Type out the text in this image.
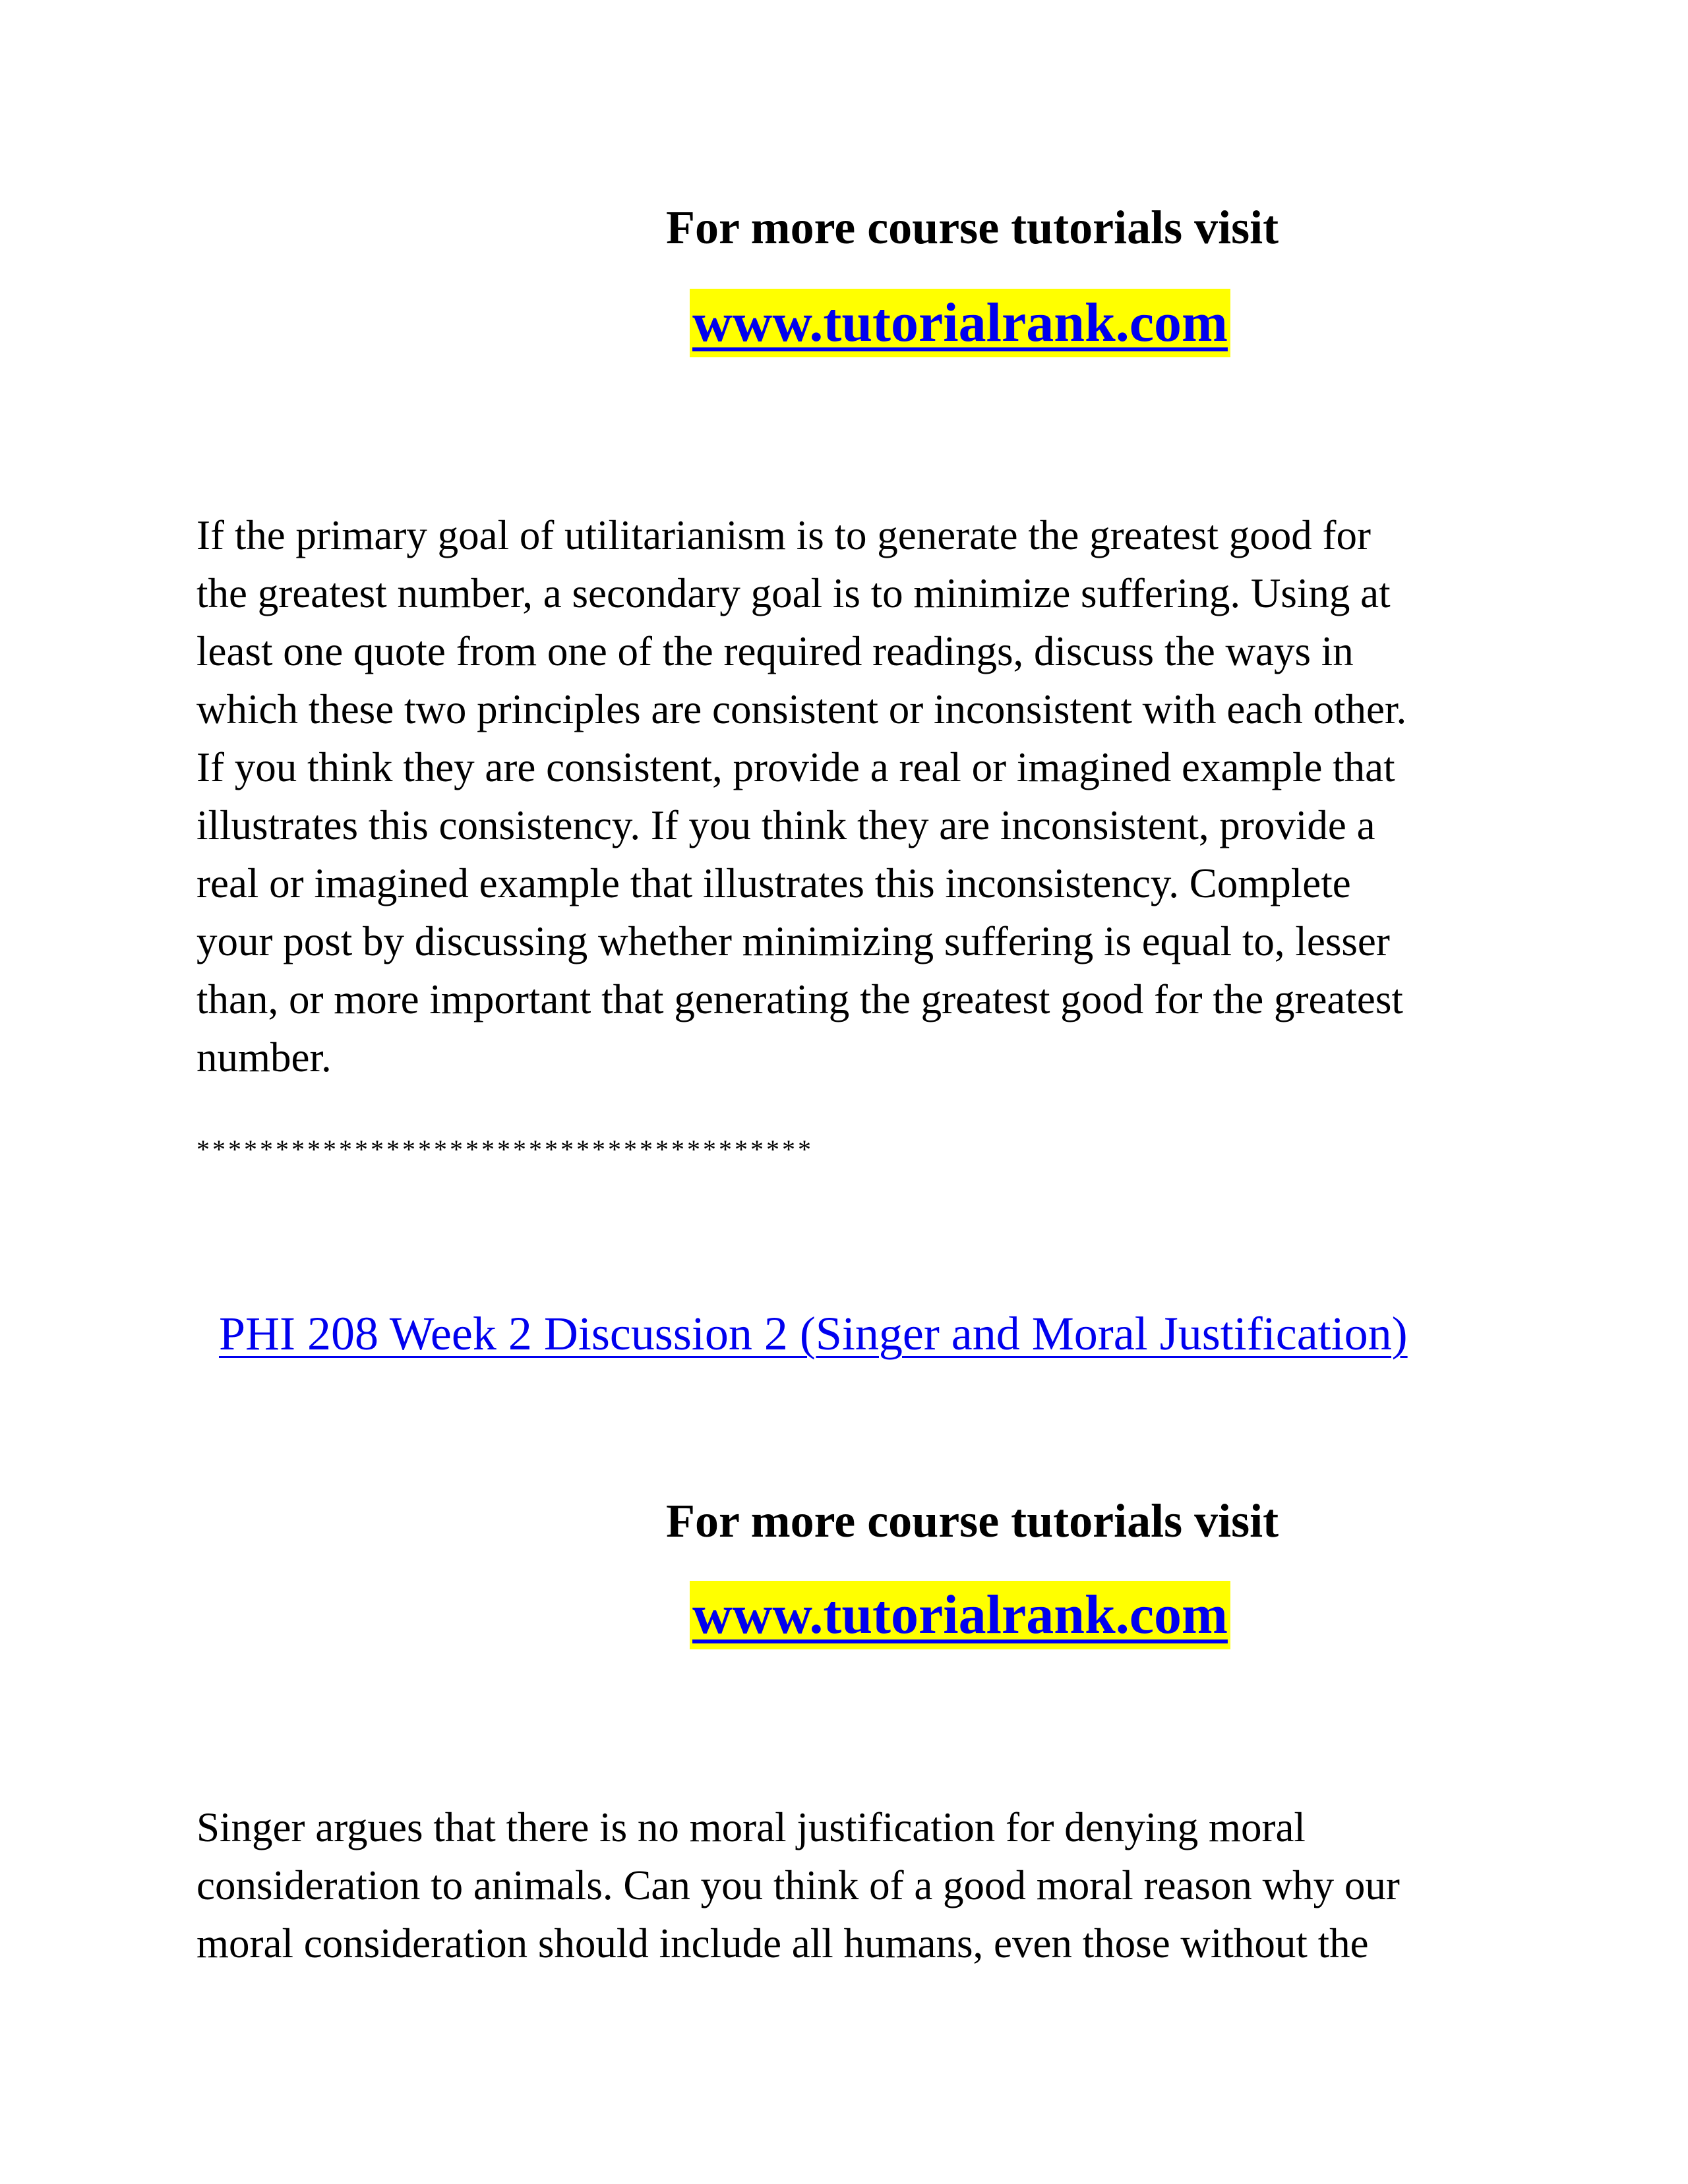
For more course tutorials visit
www.tutorialrank.com
If the primary goal of utilitarianism is to generate the greatest good for
the greatest number, a secondary goal is to minimize suffering. Using at
least one quote from one of the required readings, discuss the ways in
which these two principles are consistent or inconsistent with each other.
If you think they are consistent, provide a real or imagined example that
illustrates this consistency. If you think they are inconsistent, provide a
real or imagined example that illustrates this inconsistency. Complete
your post by discussing whether minimizing suffering is equal to, lesser
than, or more important that generating the greatest good for the greatest
number.
***************************************
PHI 208 Week 2 Discussion 2 (Singer and Moral Justification)
For more course tutorials visit
www.tutorialrank.com
Singer argues that there is no moral justification for denying moral
consideration to animals. Can you think of a good moral reason why our
moral consideration should include all humans, even those without the
